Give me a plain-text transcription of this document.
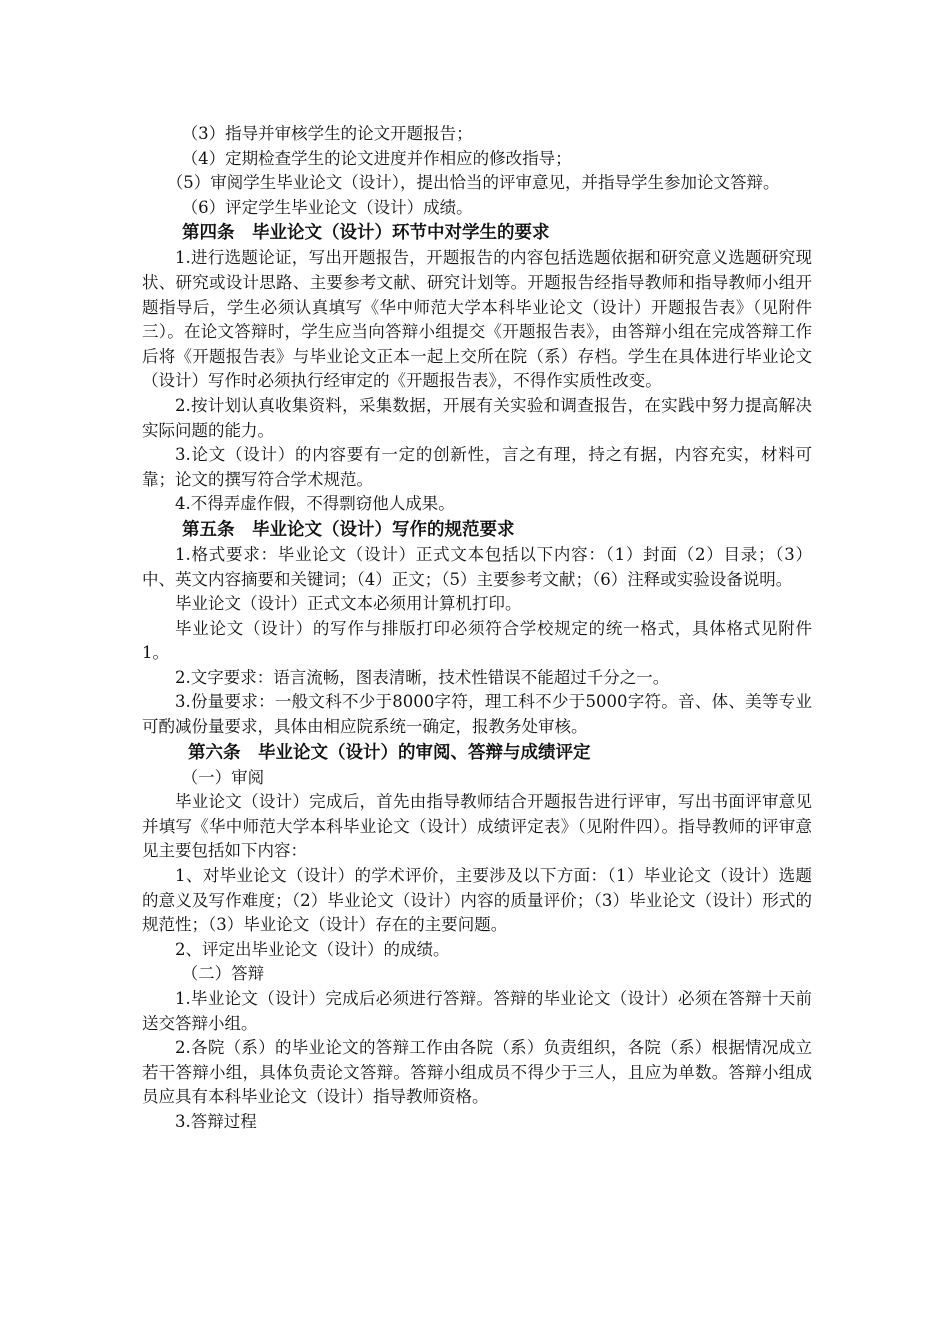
（3）指导并审核学生的论文开题报告；

（4）定期检查学生的论文进度并作相应的修改指导；

（5）审阅学生毕业论文（设计），提出恰当的评审意见，并指导学生参加论文答辩。

（6）评定学生毕业论文（设计）成绩。

第四条　毕业论文（设计）环节中对学生的要求

1.进行选题论证，写出开题报告，开题报告的内容包括选题依据和研究意义选题研究现状、研究或设计思路、主要参考文献、研究计划等。开题报告经指导教师和指导教师小组开题指导后，学生必须认真填写《华中师范大学本科毕业论文（设计）开题报告表》（见附件三）。在论文答辩时，学生应当向答辩小组提交《开题报告表》，由答辩小组在完成答辩工作后将《开题报告表》与毕业论文正本一起上交所在院（系）存档。学生在具体进行毕业论文（设计）写作时必须执行经审定的《开题报告表》，不得作实质性改变。

2.按计划认真收集资料，采集数据，开展有关实验和调查报告，在实践中努力提高解决实际问题的能力。

3.论文（设计）的内容要有一定的创新性，言之有理，持之有据，内容充实，材料可靠；论文的撰写符合学术规范。

4.不得弄虚作假，不得剽窃他人成果。

第五条　毕业论文（设计）写作的规范要求

1.格式要求：毕业论文（设计）正式文本包括以下内容：（1）封面（2）目录；（3）中、英文内容摘要和关键词；（4）正文；（5）主要参考文献；（6）注释或实验设备说明。

毕业论文（设计）正式文本必须用计算机打印。

毕业论文（设计）的写作与排版打印必须符合学校规定的统一格式，具体格式见附件1。

2.文字要求：语言流畅，图表清晰，技术性错误不能超过千分之一。

3.份量要求：一般文科不少于8000字符，理工科不少于5000字符。音、体、美等专业可酌减份量要求，具体由相应院系统一确定，报教务处审核。

第六条　毕业论文（设计）的审阅、答辩与成绩评定

（一）审阅

毕业论文（设计）完成后，首先由指导教师结合开题报告进行评审，写出书面评审意见并填写《华中师范大学本科毕业论文（设计）成绩评定表》（见附件四）。指导教师的评审意见主要包括如下内容：

1、对毕业论文（设计）的学术评价，主要涉及以下方面：（1）毕业论文（设计）选题的意义及写作难度；（2）毕业论文（设计）内容的质量评价；（3）毕业论文（设计）形式的规范性；（3）毕业论文（设计）存在的主要问题。

2、评定出毕业论文（设计）的成绩。

（二）答辩

1.毕业论文（设计）完成后必须进行答辩。答辩的毕业论文（设计）必须在答辩十天前送交答辩小组。

2.各院（系）的毕业论文的答辩工作由各院（系）负责组织，各院（系）根据情况成立若干答辩小组，具体负责论文答辩。答辩小组成员不得少于三人，且应为单数。答辩小组成员应具有本科毕业论文（设计）指导教师资格。

3.答辩过程
